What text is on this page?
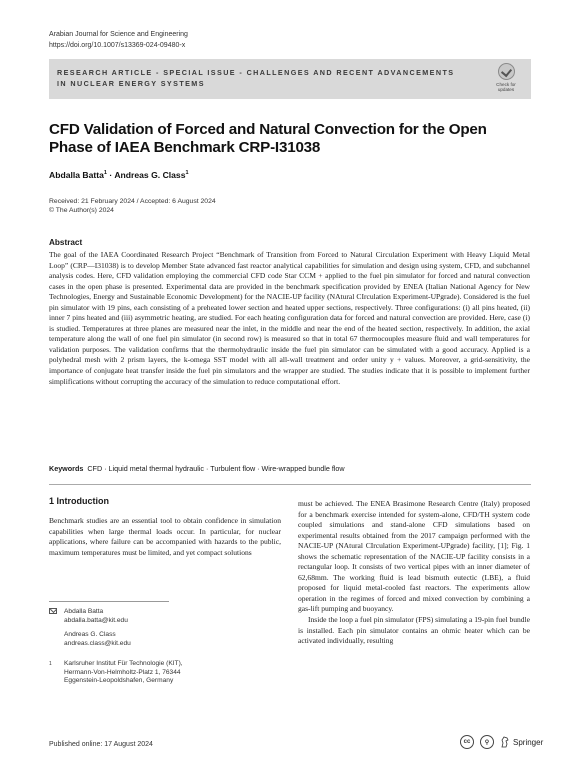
Arabian Journal for Science and Engineering
https://doi.org/10.1007/s13369-024-09480-x
RESEARCH ARTICLE - SPECIAL ISSUE - CHALLENGES AND RECENT ADVANCEMENTS IN NUCLEAR ENERGY SYSTEMS	Check for
updates
CFD Validation of Forced and Natural Convection for the Open Phase of IAEA Benchmark CRP-I31038
Abdalla Batta$^1$ · Andreas G. Class$^1$
Received: 21 February 2024 / Accepted: 6 August 2024
© The Author(s) 2024
Abstract

The goal of the IAEA Coordinated Research Project “Benchmark of Transition from Forced to Natural Circulation Experiment with Heavy Liquid Metal Loop” (CRP—I31038) is to develop Member State advanced fast reactor analytical capabilities for simulation and design using system, CFD, and subchannel analysis codes. Here, CFD validation employing the commercial CFD code Star CCM + applied to the fuel pin simulator for forced and natural convection cases in the open phase is presented. Experimental data are provided in the benchmark specification provided by ENEA (Italian National Agency for New Technologies, Energy and Sustainable Economic Development) for the NACIE-UP facility (NAtural CIrculation Experiment-UPgrade). Considered is the fuel pin simulator with 19 pins, each consisting of a preheated lower section and heated upper sections, respectively. Three configurations: (i) all pins heated, (ii) inner 7 pins heated and (iii) asymmetric heating, are studied. For each heating configuration data for forced and natural convection are provided. Here, case (i) is studied. Temperatures at three planes are measured near the inlet, in the middle and near the end of the heated section, respectively. In addition, the axial temperature along the wall of one fuel pin simulator (in second row) is measured so that in total 67 thermocouples measure fluid and wall temperatures for validation purposes. The validation confirms that the thermohydraulic inside the fuel pin simulator can be simulated with a good accuracy. Applied is a polyhedral mesh with 2 prism layers, the k-omega SST model with all all-wall treatment and order unity y + values. Moreover, a grid-sensitivity, the importance of conjugate heat transfer inside the fuel pin simulators and the wrapper are studied. The studies indicate that it is possible to implement further simplifications without corrupting the accuracy of the simulation to reduce computational effort.

Keywords CFD · Liquid metal thermal hydraulic · Turbulent flow · Wire-wrapped bundle flow
1 Introduction

Benchmark studies are an essential tool to obtain confidence in simulation capabilities when large thermal loads occur. In particular, for nuclear applications, where failure can be accompanied with hazards to the public, maximum temperatures must be limited, and yet compact solutions

must be achieved. The ENEA Brasimone Research Centre (Italy) proposed for a benchmark exercise intended for system-alone, CFD/TH system code coupled simulations and stand-alone CFD simulations based on experimental results obtained from the 2017 campaign performed with the NACIE-UP (NAtural CIrculation Experiment-UPgrade) facility, [1]; Fig. 1 shows the schematic representation of the NACIE-UP facility consists in a rectangular loop. It consists of two vertical pipes with an inner diameter of 62,68mm. The working fluid is lead bismuth eutectic (LBE), a fluid proposed for liquid metal-cooled fast reactors. The experiments allow operation in the regimes of forced and mixed convection by combining a gas-lift pumping and buoyancy.

Inside the loop a fuel pin simulator (FPS) simulating a 19-pin fuel bundle is installed. Each pin simulator contains an ohmic heater which can be activated individually, resulting

Abdalla Batta
abdalla.batta@kit.edu
Andreas G. Class
andreas.class@kit.edu
1 Karlsruher Institut Für Technologie (KIT),
Hermann-Von-Helmholtz-Platz 1, 76344
Eggenstein-Leopoldshafen, Germany
Published online: 17 August 2024	cc	⚲	Springer
